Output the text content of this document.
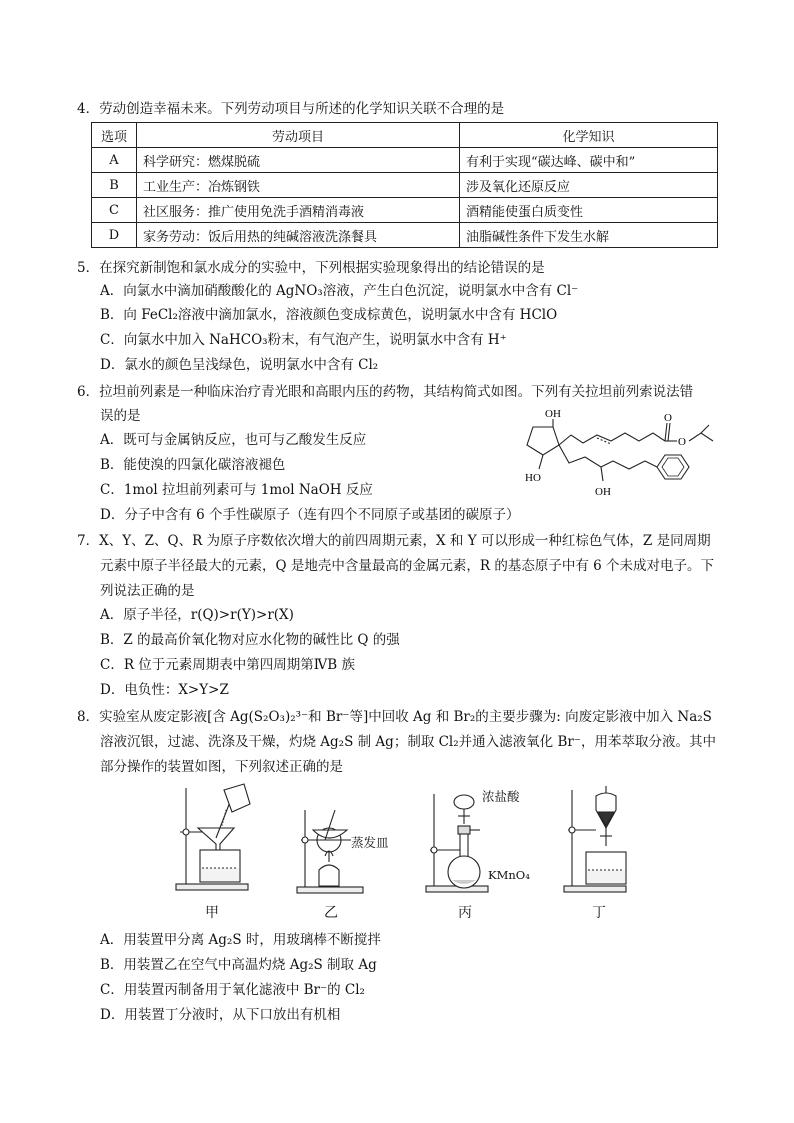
4．劳动创造幸福未来。下列劳动项目与所述的化学知识关联不合理的是
选项	劳动项目	化学知识
A	科学研究：燃煤脱硫	有利于实现“碳达峰、碳中和”
B	工业生产：冶炼钢铁	涉及氧化还原反应
C	社区服务：推广使用免洗手酒精消毒液	酒精能使蛋白质变性
D	家务劳动：饭后用热的纯碱溶液洗涤餐具	油脂碱性条件下发生水解
5．在探究新制饱和氯水成分的实验中，下列根据实验现象得出的结论错误的是
A．向氯水中滴加硝酸酸化的 AgNO₃溶液，产生白色沉淀，说明氯水中含有 Cl⁻
B．向 FeCl₂溶液中滴加氯水，溶液颜色变成棕黄色，说明氯水中含有 HClO
C．向氯水中加入 NaHCO₃粉末，有气泡产生，说明氯水中含有 H⁺
D．氯水的颜色呈浅绿色，说明氯水中含有 Cl₂
6．拉坦前列素是一种临床治疗青光眼和高眼内压的药物，其结构简式如图。下列有关拉坦前列索说法错
误的是
A．既可与金属钠反应，也可与乙酸发生反应
B．能使溴的四氯化碳溶液褪色
C．1mol 拉坦前列素可与 1mol NaOH 反应
D．分子中含有 6 个手性碳原子（连有四个不同原子或基团的碳原子）
OH	O
O
HO
OH
7．X、Y、Z、Q、R 为原子序数依次增大的前四周期元素，X 和 Y 可以形成一种红棕色气体，Z 是同周期
元素中原子半径最大的元素，Q 是地壳中含量最高的金属元素，R 的基态原子中有 6 个未成对电子。下
列说法正确的是
A．原子半径，r(Q)>r(Y)>r(X)
B．Z 的最高价氧化物对应水化物的碱性比 Q 的强
C．R 位于元素周期表中第四周期第ⅣB 族
D．电负性：X>Y>Z
8．实验室从废定影液[含 Ag(S₂O₃)₂³⁻和 Br⁻等]中回收 Ag 和 Br₂的主要步骤为: 向废定影液中加入 Na₂S
溶液沉银，过滤、洗涤及干燥，灼烧 Ag₂S 制 Ag；制取 Cl₂并通入滤液氧化 Br⁻，用苯萃取分液。其中
部分操作的装置如图，下列叙述正确的是
蒸发皿
浓盐酸
KMnO₄
甲	乙	丙	丁
A．用装置甲分离 Ag₂S 时，用玻璃棒不断搅拌
B．用装置乙在空气中高温灼烧 Ag₂S 制取 Ag
C．用装置丙制备用于氧化滤液中 Br⁻的 Cl₂
D．用装置丁分液时，从下口放出有机相
